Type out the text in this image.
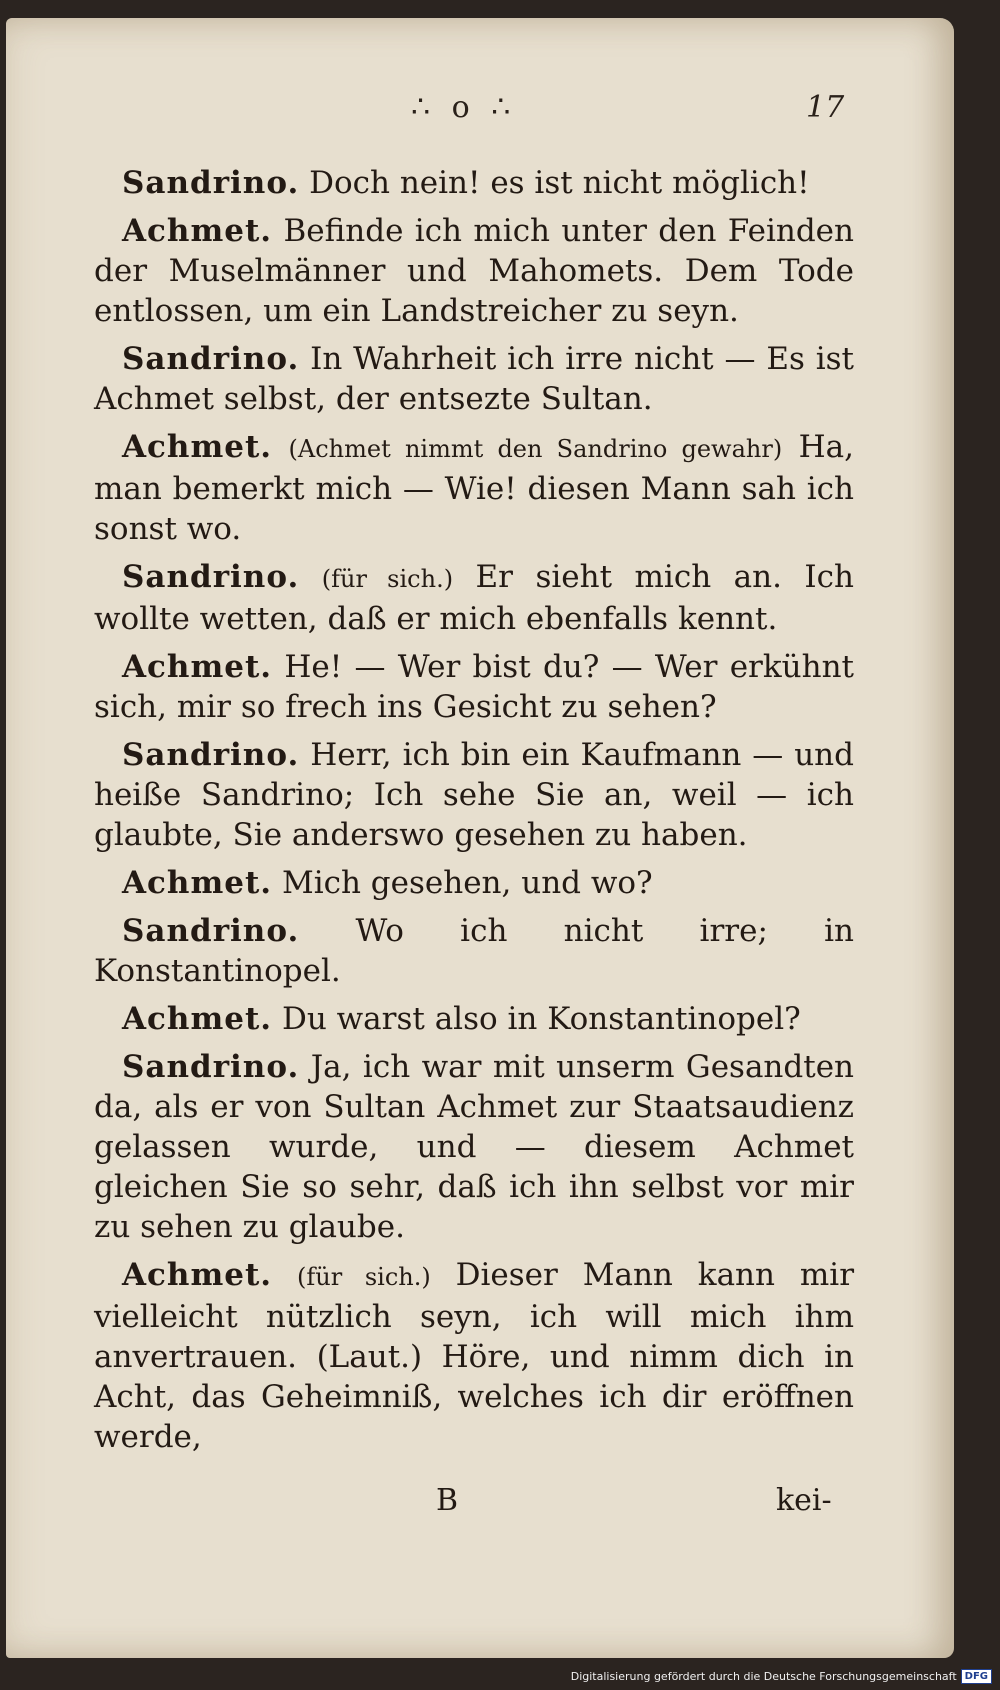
∴ o ∴	17

Sandrino. Doch nein! es ist nicht möglich!

Achmet. Befinde ich mich unter den Feinden der Muselmänner und Mahomets. Dem Tode entlossen, um ein Landstreicher zu seyn.

Sandrino. In Wahrheit ich irre nicht — Es ist Achmet selbst, der entsezte Sultan.

Achmet. (Achmet nimmt den Sandrino gewahr) Ha, man bemerkt mich — Wie! diesen Mann sah ich sonst wo.

Sandrino. (für sich.) Er sieht mich an. Ich wollte wetten, daß er mich ebenfalls kennt.

Achmet. He! — Wer bist du? — Wer erkühnt sich, mir so frech ins Gesicht zu sehen?

Sandrino. Herr, ich bin ein Kaufmann — und heiße Sandrino; Ich sehe Sie an, weil — ich glaubte, Sie anderswo gesehen zu haben.

Achmet. Mich gesehen, und wo?

Sandrino. Wo ich nicht irre; in Konstantinopel.

Achmet. Du warst also in Konstantinopel?

Sandrino. Ja, ich war mit unserm Gesandten da, als er von Sultan Achmet zur Staatsaudienz gelassen wurde, und — diesem Achmet gleichen Sie so sehr, daß ich ihn selbst vor mir zu sehen zu glaube.

Achmet. (für sich.) Dieser Mann kann mir vielleicht nützlich seyn, ich will mich ihm anvertrauen. (Laut.) Höre, und nimm dich in Acht, das Geheimniß, welches ich dir eröffnen werde,

B	kei-
Digitalisierung gefördert durch die Deutsche Forschungsgemeinschaft DFG
